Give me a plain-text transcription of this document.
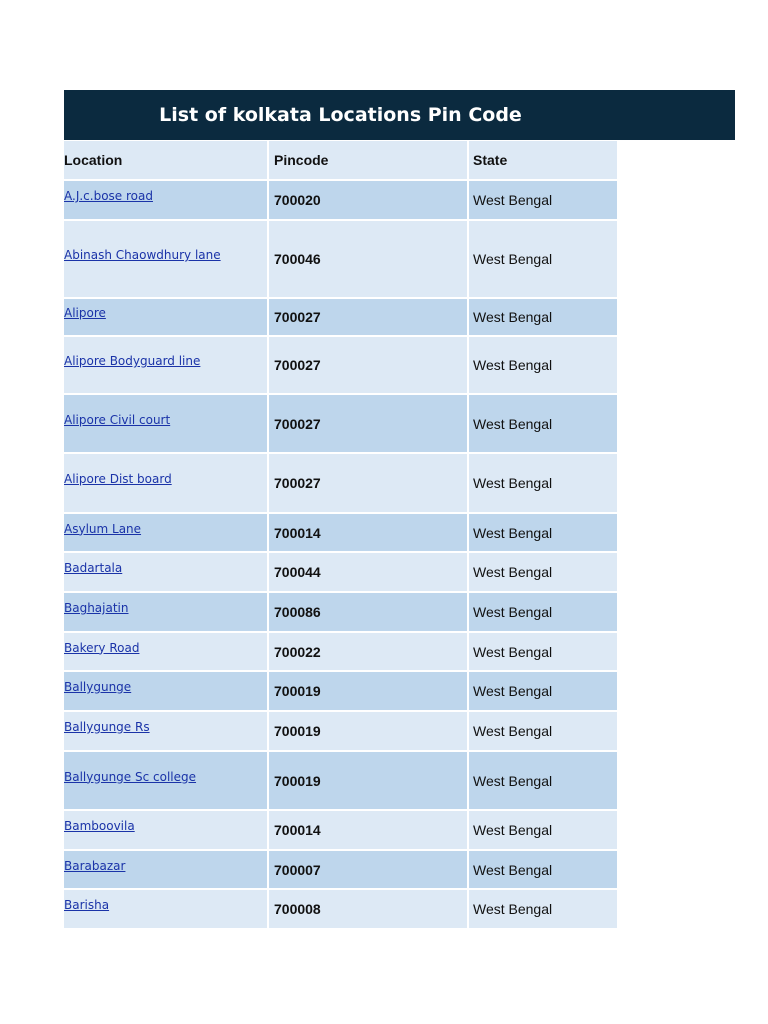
List of kolkata Locations Pin Code
Location	Pincode	State
A.J.c.bose road	700020	West Bengal
Abinash Chaowdhury lane	700046	West Bengal
Alipore	700027	West Bengal
Alipore Bodyguard line	700027	West Bengal
Alipore Civil court	700027	West Bengal
Alipore Dist board	700027	West Bengal
Asylum Lane	700014	West Bengal
Badartala	700044	West Bengal
Baghajatin	700086	West Bengal
Bakery Road	700022	West Bengal
Ballygunge	700019	West Bengal
Ballygunge Rs	700019	West Bengal
Ballygunge Sc college	700019	West Bengal
Bamboovila	700014	West Bengal
Barabazar	700007	West Bengal
Barisha	700008	West Bengal
